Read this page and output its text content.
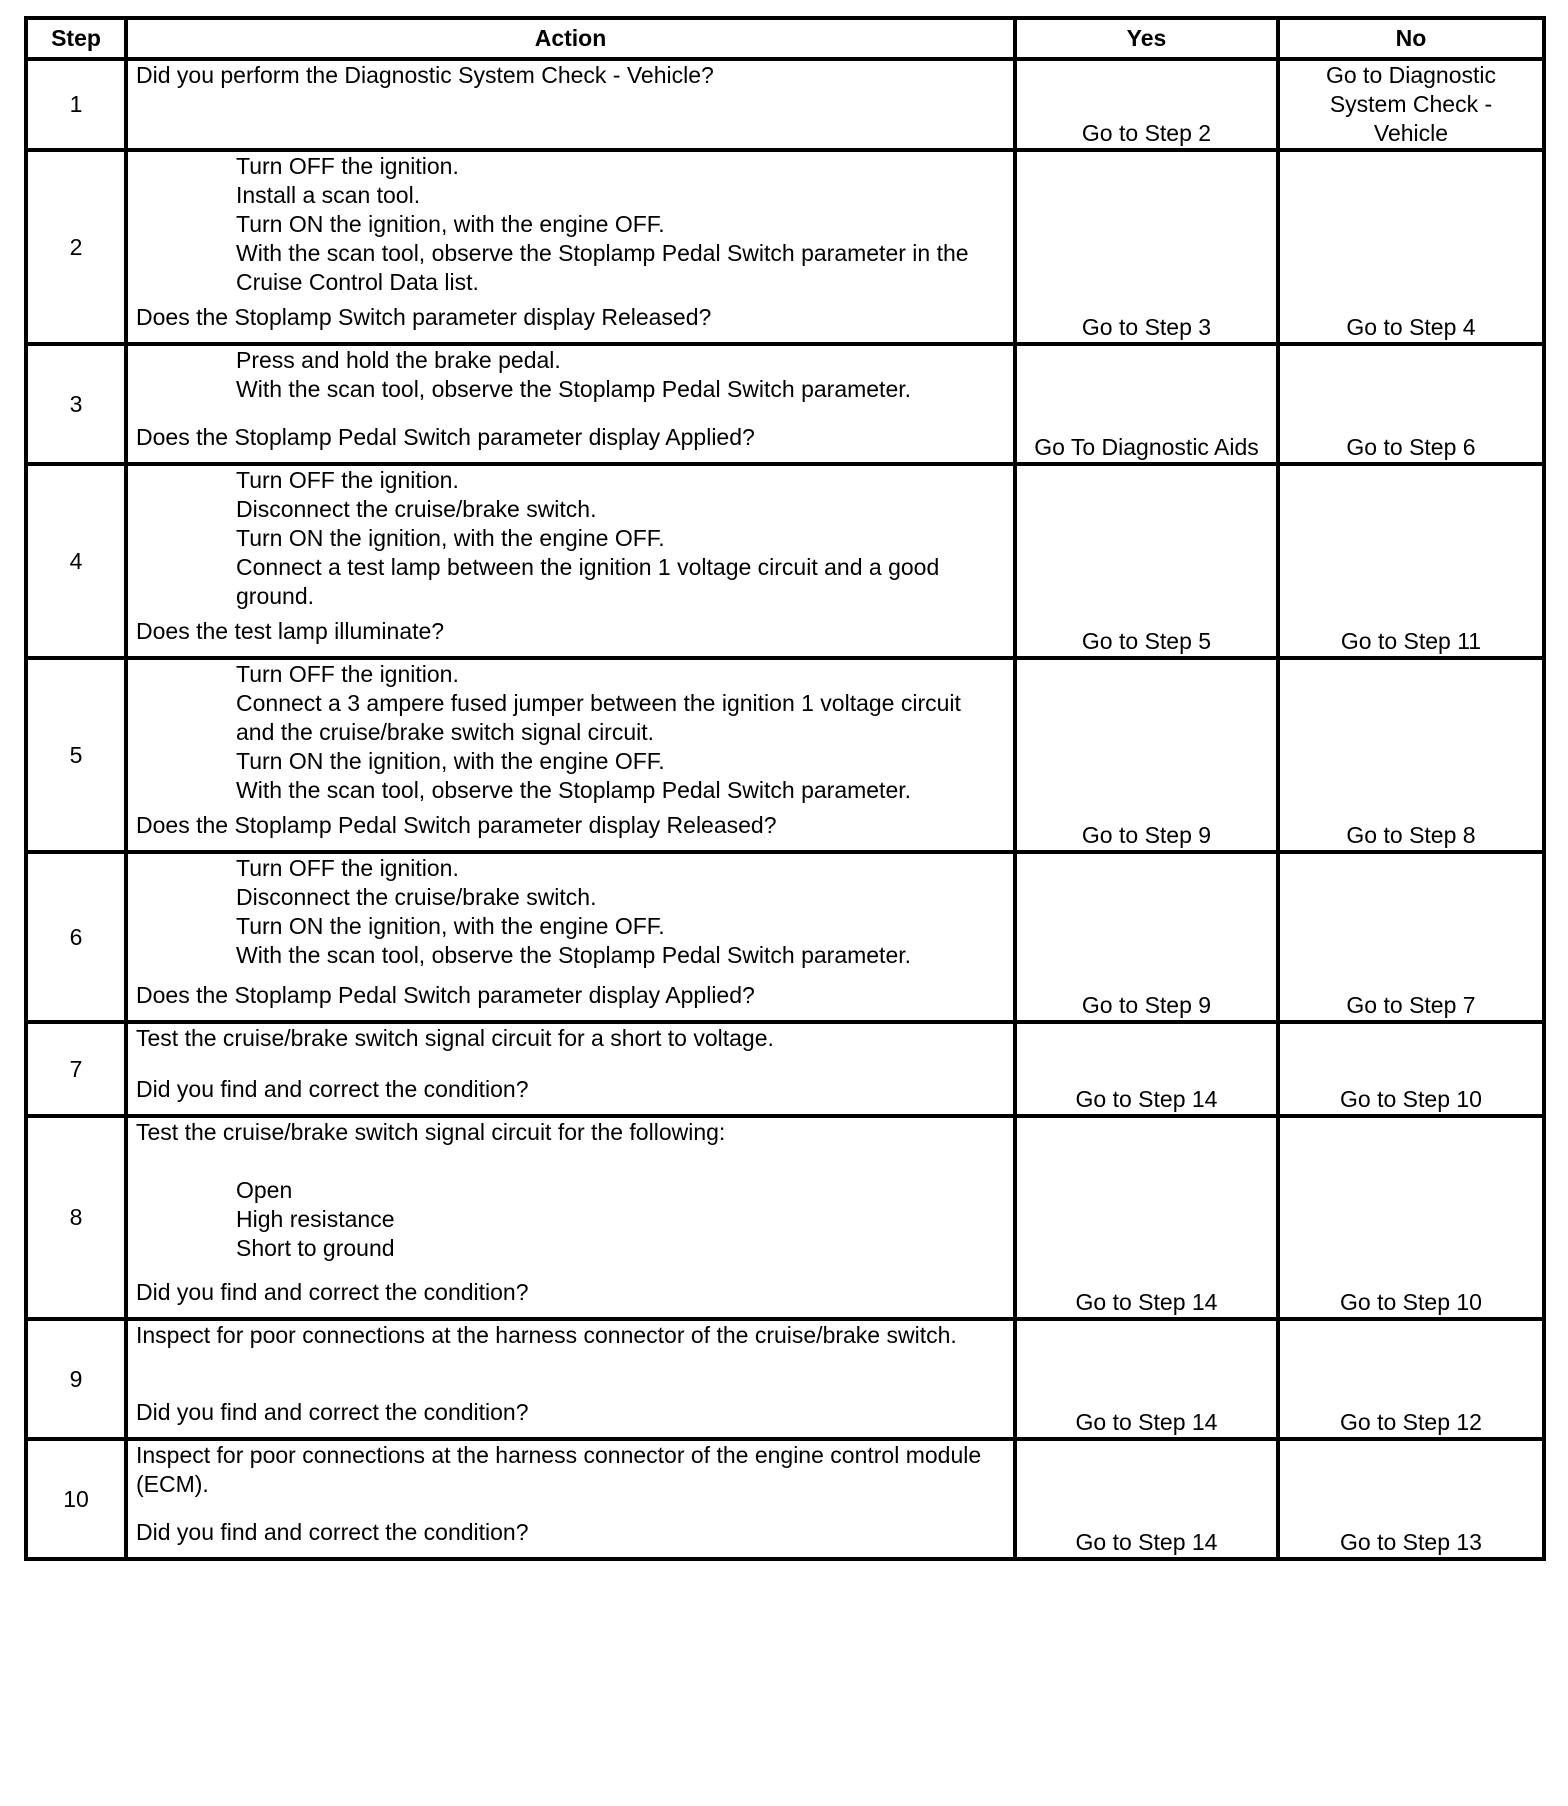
Step	Action	Yes	No
1	Did you perform the Diagnostic System Check - Vehicle?	Go to Step 2	Go to Diagnostic System Check - Vehicle
2	Turn OFF the ignition.
Install a scan tool.
Turn ON the ignition, with the engine OFF.
With the scan tool, observe the Stoplamp Pedal Switch parameter in the Cruise Control Data list.
Does the Stoplamp Switch parameter display Released?	Go to Step 3	Go to Step 4
3	Press and hold the brake pedal.
With the scan tool, observe the Stoplamp Pedal Switch parameter.
Does the Stoplamp Pedal Switch parameter display Applied?	Go To Diagnostic Aids	Go to Step 6
4	Turn OFF the ignition.
Disconnect the cruise/brake switch.
Turn ON the ignition, with the engine OFF.
Connect a test lamp between the ignition 1 voltage circuit and a good ground.
Does the test lamp illuminate?	Go to Step 5	Go to Step 11
5	Turn OFF the ignition.
Connect a 3 ampere fused jumper between the ignition 1 voltage circuit and the cruise/brake switch signal circuit.
Turn ON the ignition, with the engine OFF.
With the scan tool, observe the Stoplamp Pedal Switch parameter.
Does the Stoplamp Pedal Switch parameter display Released?	Go to Step 9	Go to Step 8
6	Turn OFF the ignition.
Disconnect the cruise/brake switch.
Turn ON the ignition, with the engine OFF.
With the scan tool, observe the Stoplamp Pedal Switch parameter.
Does the Stoplamp Pedal Switch parameter display Applied?	Go to Step 9	Go to Step 7
7	Test the cruise/brake switch signal circuit for a short to voltage.
Did you find and correct the condition?	Go to Step 14	Go to Step 10
8	Test the cruise/brake switch signal circuit for the following:
Open
High resistance
Short to ground
Did you find and correct the condition?	Go to Step 14	Go to Step 10
9	Inspect for poor connections at the harness connector of the cruise/brake switch.
Did you find and correct the condition?	Go to Step 14	Go to Step 12
10	Inspect for poor connections at the harness connector of the engine control module (ECM).
Did you find and correct the condition?	Go to Step 14	Go to Step 13
